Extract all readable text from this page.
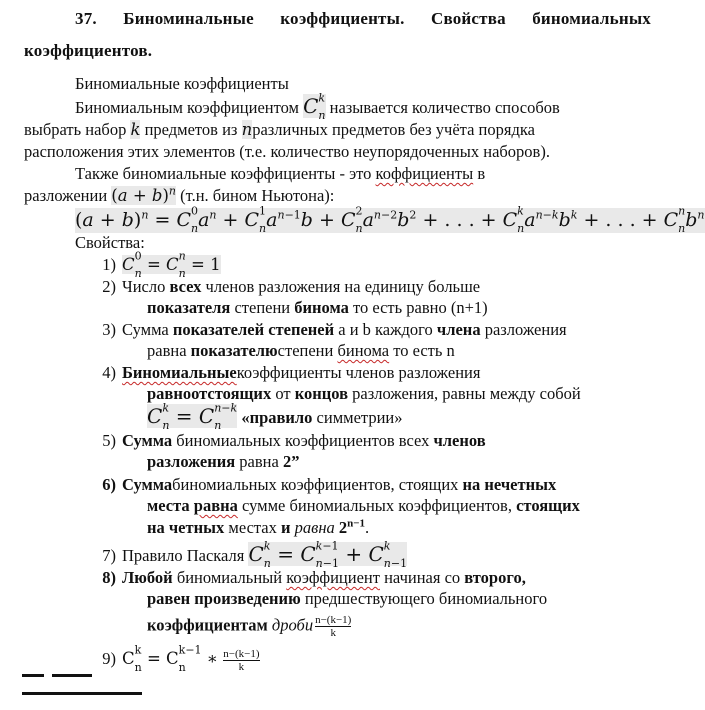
37. Биноминальные коэффициенты. Свойства биномиальных
коэффициентов.
Биномиальные коэффициенты
Биномиальным коэффициентом $C^k$
$_n$ называется количество способов
выбрать набор k предметов из nразличных предметов без учёта порядка
расположения этих элементов (т.е. количество неупорядоченных наборов).
Также биномиальные коэффициенты - это коффициенты в
разложении $(a + b)^n$ (т.н. бином Ньютона):
$(a + b)^n = C^0$
$_na^n + C^1$
$_na^{n-1}b + C^2$
$_na^{n-2}b^2$ + . . . + $C^k$
$_na^{n-k}b^k$ + . . . + $C^n$
$_nb^n$
Свойства:
1) $C^0$
$_n = C^n$
$_n$ = 1
2) Число всех членов разложения на единицу больше
показателя степени бинома то есть равно (n+1)
3) Сумма показателей степеней а и b каждого члена разложения
равна показателюстепени бинома то есть n
4) Биномиальныекоэффициенты членов разложения
равноотстоящих от концов разложения, равны между собой
$C^k$
$_n = C^{n-k}$
$_n$ «правило симметрии»
5) Сумма биномиальных коэффициентов всех членов
разложения равна 2”
6) Суммабиномиальных коэффициентов, стоящих на нечетных
места равна сумме биномиальных коэффициентов, стоящих
на четных местах и равна $2^{n-1}$.
7) Правило Паскаля $C^k$
$_n = C^{k-1}$
$_{n-1} + C^k$
$_{n-1}$
8) Любой биномиальный коэффициент начиная со второго,
равен произведению предшествующего биномиального
коэффициентам дроби $\frac{n-(k-1)}{k}$
9) $C^k$
$_n = C^{k-1}$
$_n$ ∗ $\frac{n-(k-1)}{k}$
